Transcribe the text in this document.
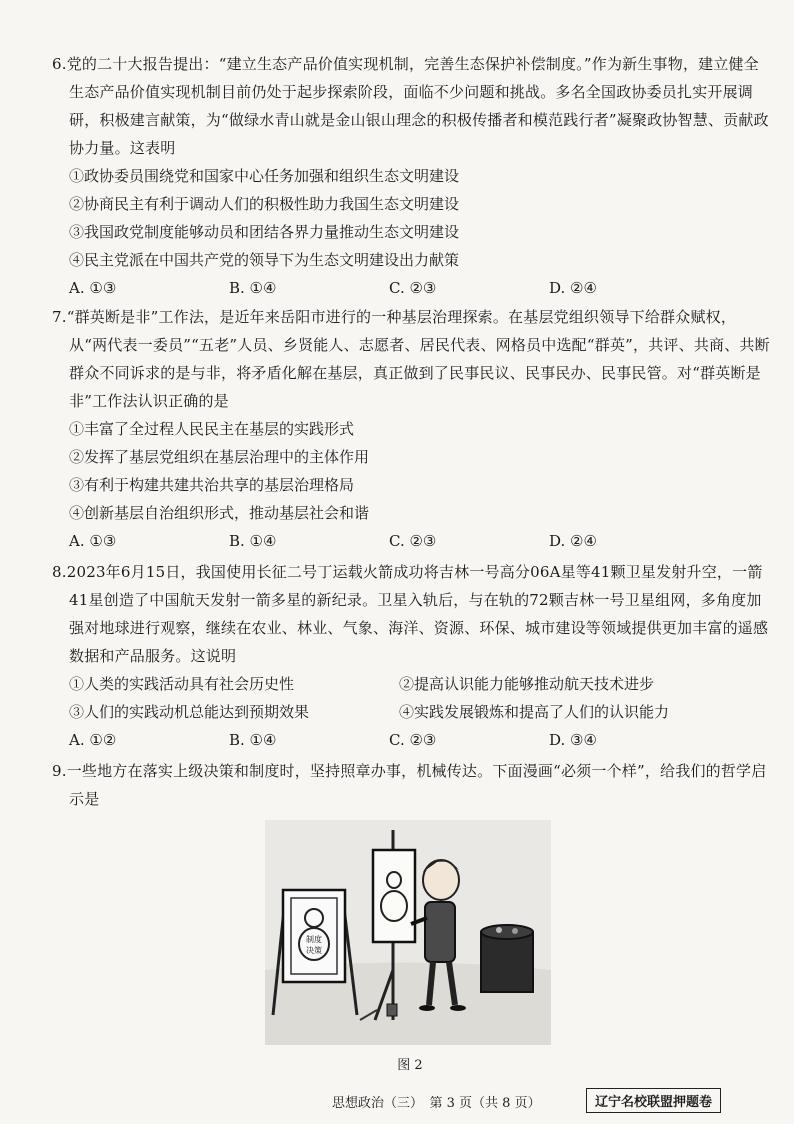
6.党的二十大报告提出：“建立生态产品价值实现机制，完善生态保护补偿制度。”作为新生事物，建立健全生态产品价值实现机制目前仍处于起步探索阶段，面临不少问题和挑战。多名全国政协委员扎实开展调研，积极建言献策，为“做绿水青山就是金山银山理念的积极传播者和模范践行者”凝聚政协智慧、贡献政协力量。这表明
①政协委员围绕党和国家中心任务加强和组织生态文明建设
②协商民主有利于调动人们的积极性助力我国生态文明建设
③我国政党制度能够动员和团结各界力量推动生态文明建设
④民主党派在中国共产党的领导下为生态文明建设出力献策
A. ①③	B. ①④	C. ②③	D. ②④
7.“群英断是非”工作法，是近年来岳阳市进行的一种基层治理探索。在基层党组织领导下给群众赋权，从“两代表一委员”“五老”人员、乡贤能人、志愿者、居民代表、网格员中选配“群英”，共评、共商、共断群众不同诉求的是与非，将矛盾化解在基层，真正做到了民事民议、民事民办、民事民管。对“群英断是非”工作法认识正确的是
①丰富了全过程人民民主在基层的实践形式
②发挥了基层党组织在基层治理中的主体作用
③有利于构建共建共治共享的基层治理格局
④创新基层自治组织形式，推动基层社会和谐
A. ①③	B. ①④	C. ②③	D. ②④
8.2023年6月15日，我国使用长征二号丁运载火箭成功将吉林一号高分06A星等41颗卫星发射升空，一箭41星创造了中国航天发射一箭多星的新纪录。卫星入轨后，与在轨的72颗吉林一号卫星组网，多角度加强对地球进行观察，继续在农业、林业、气象、海洋、资源、环保、城市建设等领域提供更加丰富的遥感数据和产品服务。这说明
①人类的实践活动具有社会历史性	②提高认识能力能够推动航天技术进步
③人们的实践动机总能达到预期效果	④实践发展锻炼和提高了人们的认识能力
A. ①②	B. ①④	C. ②③	D. ③④
9.一些地方在落实上级决策和制度时，坚持照章办事，机械传达。下面漫画“必须一个样”，给我们的哲学启示是
制度
决策
图 2
思想政治（三）　第 3 页（共 8 页）	辽宁名校联盟押题卷
